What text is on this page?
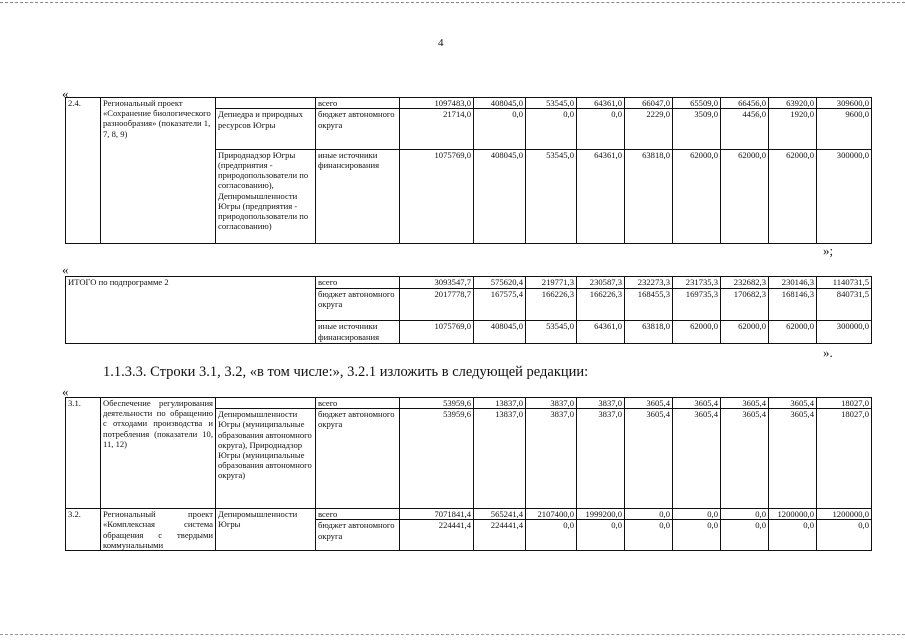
4
«
2.4.	Региональный проект «Сохранение биологического разнообразия» (показатели 1, 7, 8, 9)		всего	1097483,0	408045,0	53545,0	64361,0	66047,0	65509,0	66456,0	63920,0	309600,0
		Депнедра и природных ресурсов Югры	бюджет автономного округа	21714,0	0,0	0,0	0,0	2229,0	3509,0	4456,0	1920,0	9600,0
		Природнадзор Югры (предприятия - природопользователи по согласованию), Депнромышленности Югры (предприятия - природопользователи по согласованию)	иные источники финансирования	1075769,0	408045,0	53545,0	64361,0	63818,0	62000,0	62000,0	62000,0	300000,0
»;
«
ИТОГО по подпрограмме 2	всего	3093547,7	575620,4	219771,3	230587,3	232273,3	231735,3	232682,3	230146,3	1140731,5
	бюджет автономного округа	2017778,7	167575,4	166226,3	166226,3	168455,3	169735,3	170682,3	168146,3	840731,5
	иные источники финансирования	1075769,0	408045,0	53545,0	64361,0	63818,0	62000,0	62000,0	62000,0	300000,0
».
1.1.3.3. Строки 3.1, 3.2, «в том числе:», 3.2.1 изложить в следующей редакции:
«
3.1.	Обеспечение регулирования деятельности по обращению с отходами производства и потребления (показатели 10, 11, 12)		всего	53959,6	13837,0	3837,0	3837,0	3605,4	3605,4	3605,4	3605,4	18027,0
		Депнромышленности Югры (муниципальные образования автономного округа), Природнадзор Югры (муниципальные образования автономного округа)	бюджет автономного округа	53959,6	13837,0	3837,0	3837,0	3605,4	3605,4	3605,4	3605,4	18027,0
3.2.	Региональный проект «Комплексная система обращения с твердыми коммунальными	Депнромышленности Югры	всего	7071841,4	565241,4	2107400,0	1999200,0	0,0	0,0	0,0	1200000,0	1200000,0
			бюджет автономного округа	224441,4	224441,4	0,0	0,0	0,0	0,0	0,0	0,0	0,0
